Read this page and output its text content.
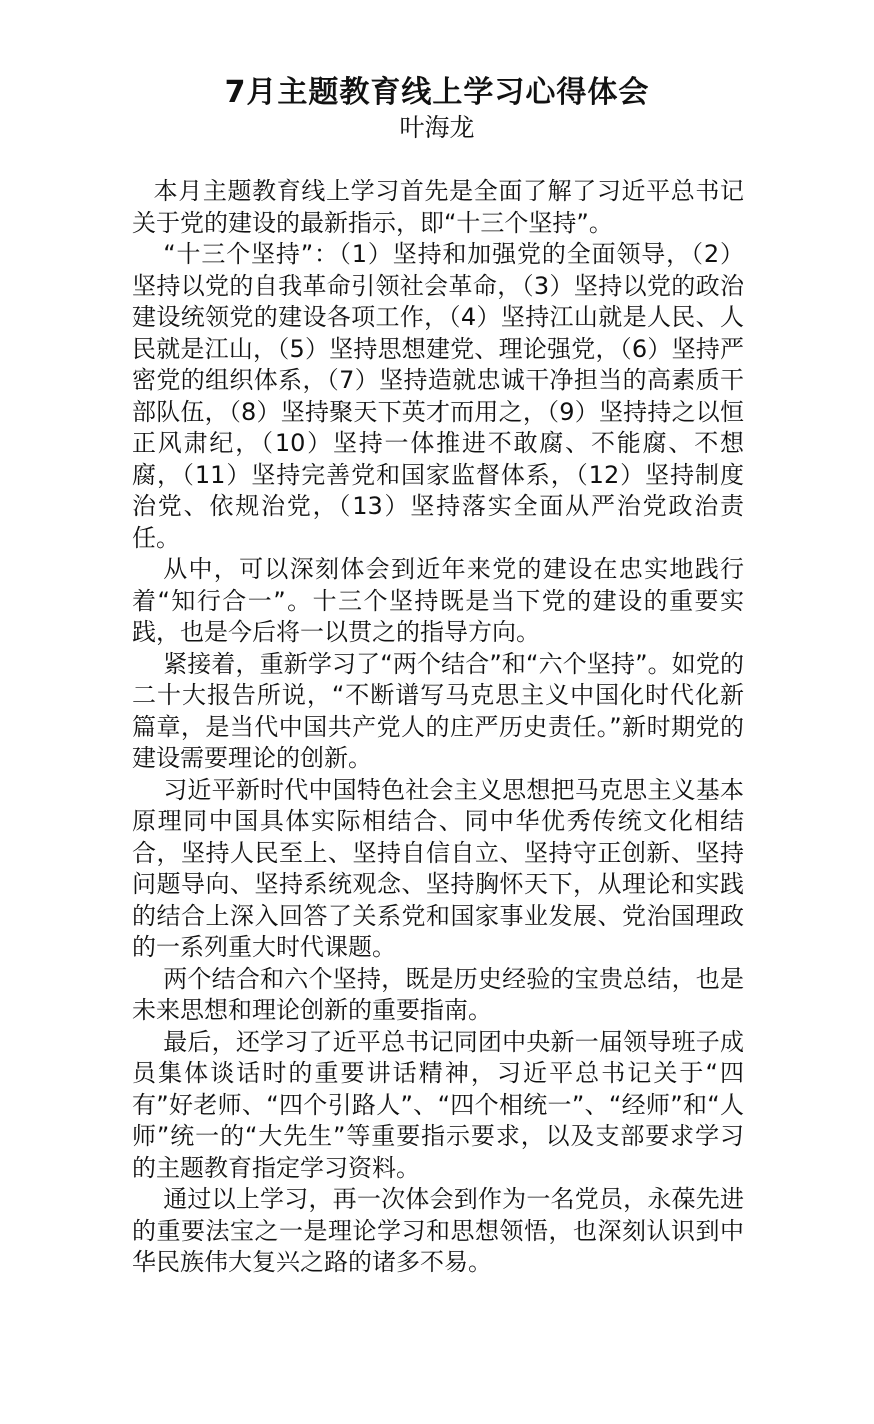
7月主题教育线上学习心得体会
叶海龙

本月主题教育线上学习首先是全面了解了习近平总书记关于党的建设的最新指示，即“十三个坚持”。

“十三个坚持”：（1）坚持和加强党的全面领导，（2）坚持以党的自我革命引领社会革命，（3）坚持以党的政治建设统领党的建设各项工作，（4）坚持江山就是人民、人民就是江山，（5）坚持思想建党、理论强党，（6）坚持严密党的组织体系，（7）坚持造就忠诚干净担当的高素质干部队伍，（8）坚持聚天下英才而用之，（9）坚持持之以恒正风肃纪，（10）坚持一体推进不敢腐、不能腐、不想腐，（11）坚持完善党和国家监督体系，（12）坚持制度治党、依规治党，（13）坚持落实全面从严治党政治责任。

从中，可以深刻体会到近年来党的建设在忠实地践行着“知行合一”。十三个坚持既是当下党的建设的重要实践，也是今后将一以贯之的指导方向。

紧接着，重新学习了“两个结合”和“六个坚持”。如党的二十大报告所说，“不断谱写马克思主义中国化时代化新篇章，是当代中国共产党人的庄严历史责任。”新时期党的建设需要理论的创新。

习近平新时代中国特色社会主义思想把马克思主义基本原理同中国具体实际相结合、同中华优秀传统文化相结合，坚持人民至上、坚持自信自立、坚持守正创新、坚持问题导向、坚持系统观念、坚持胸怀天下，从理论和实践的结合上深入回答了关系党和国家事业发展、党治国理政的一系列重大时代课题。

两个结合和六个坚持，既是历史经验的宝贵总结，也是未来思想和理论创新的重要指南。

最后，还学习了近平总书记同团中央新一届领导班子成员集体谈话时的重要讲话精神，习近平总书记关于“四有”好老师、“四个引路人”、“四个相统一”、“经师”和“人师”统一的“大先生”等重要指示要求，以及支部要求学习的主题教育指定学习资料。

通过以上学习，再一次体会到作为一名党员，永葆先进的重要法宝之一是理论学习和思想领悟，也深刻认识到中华民族伟大复兴之路的诸多不易。
